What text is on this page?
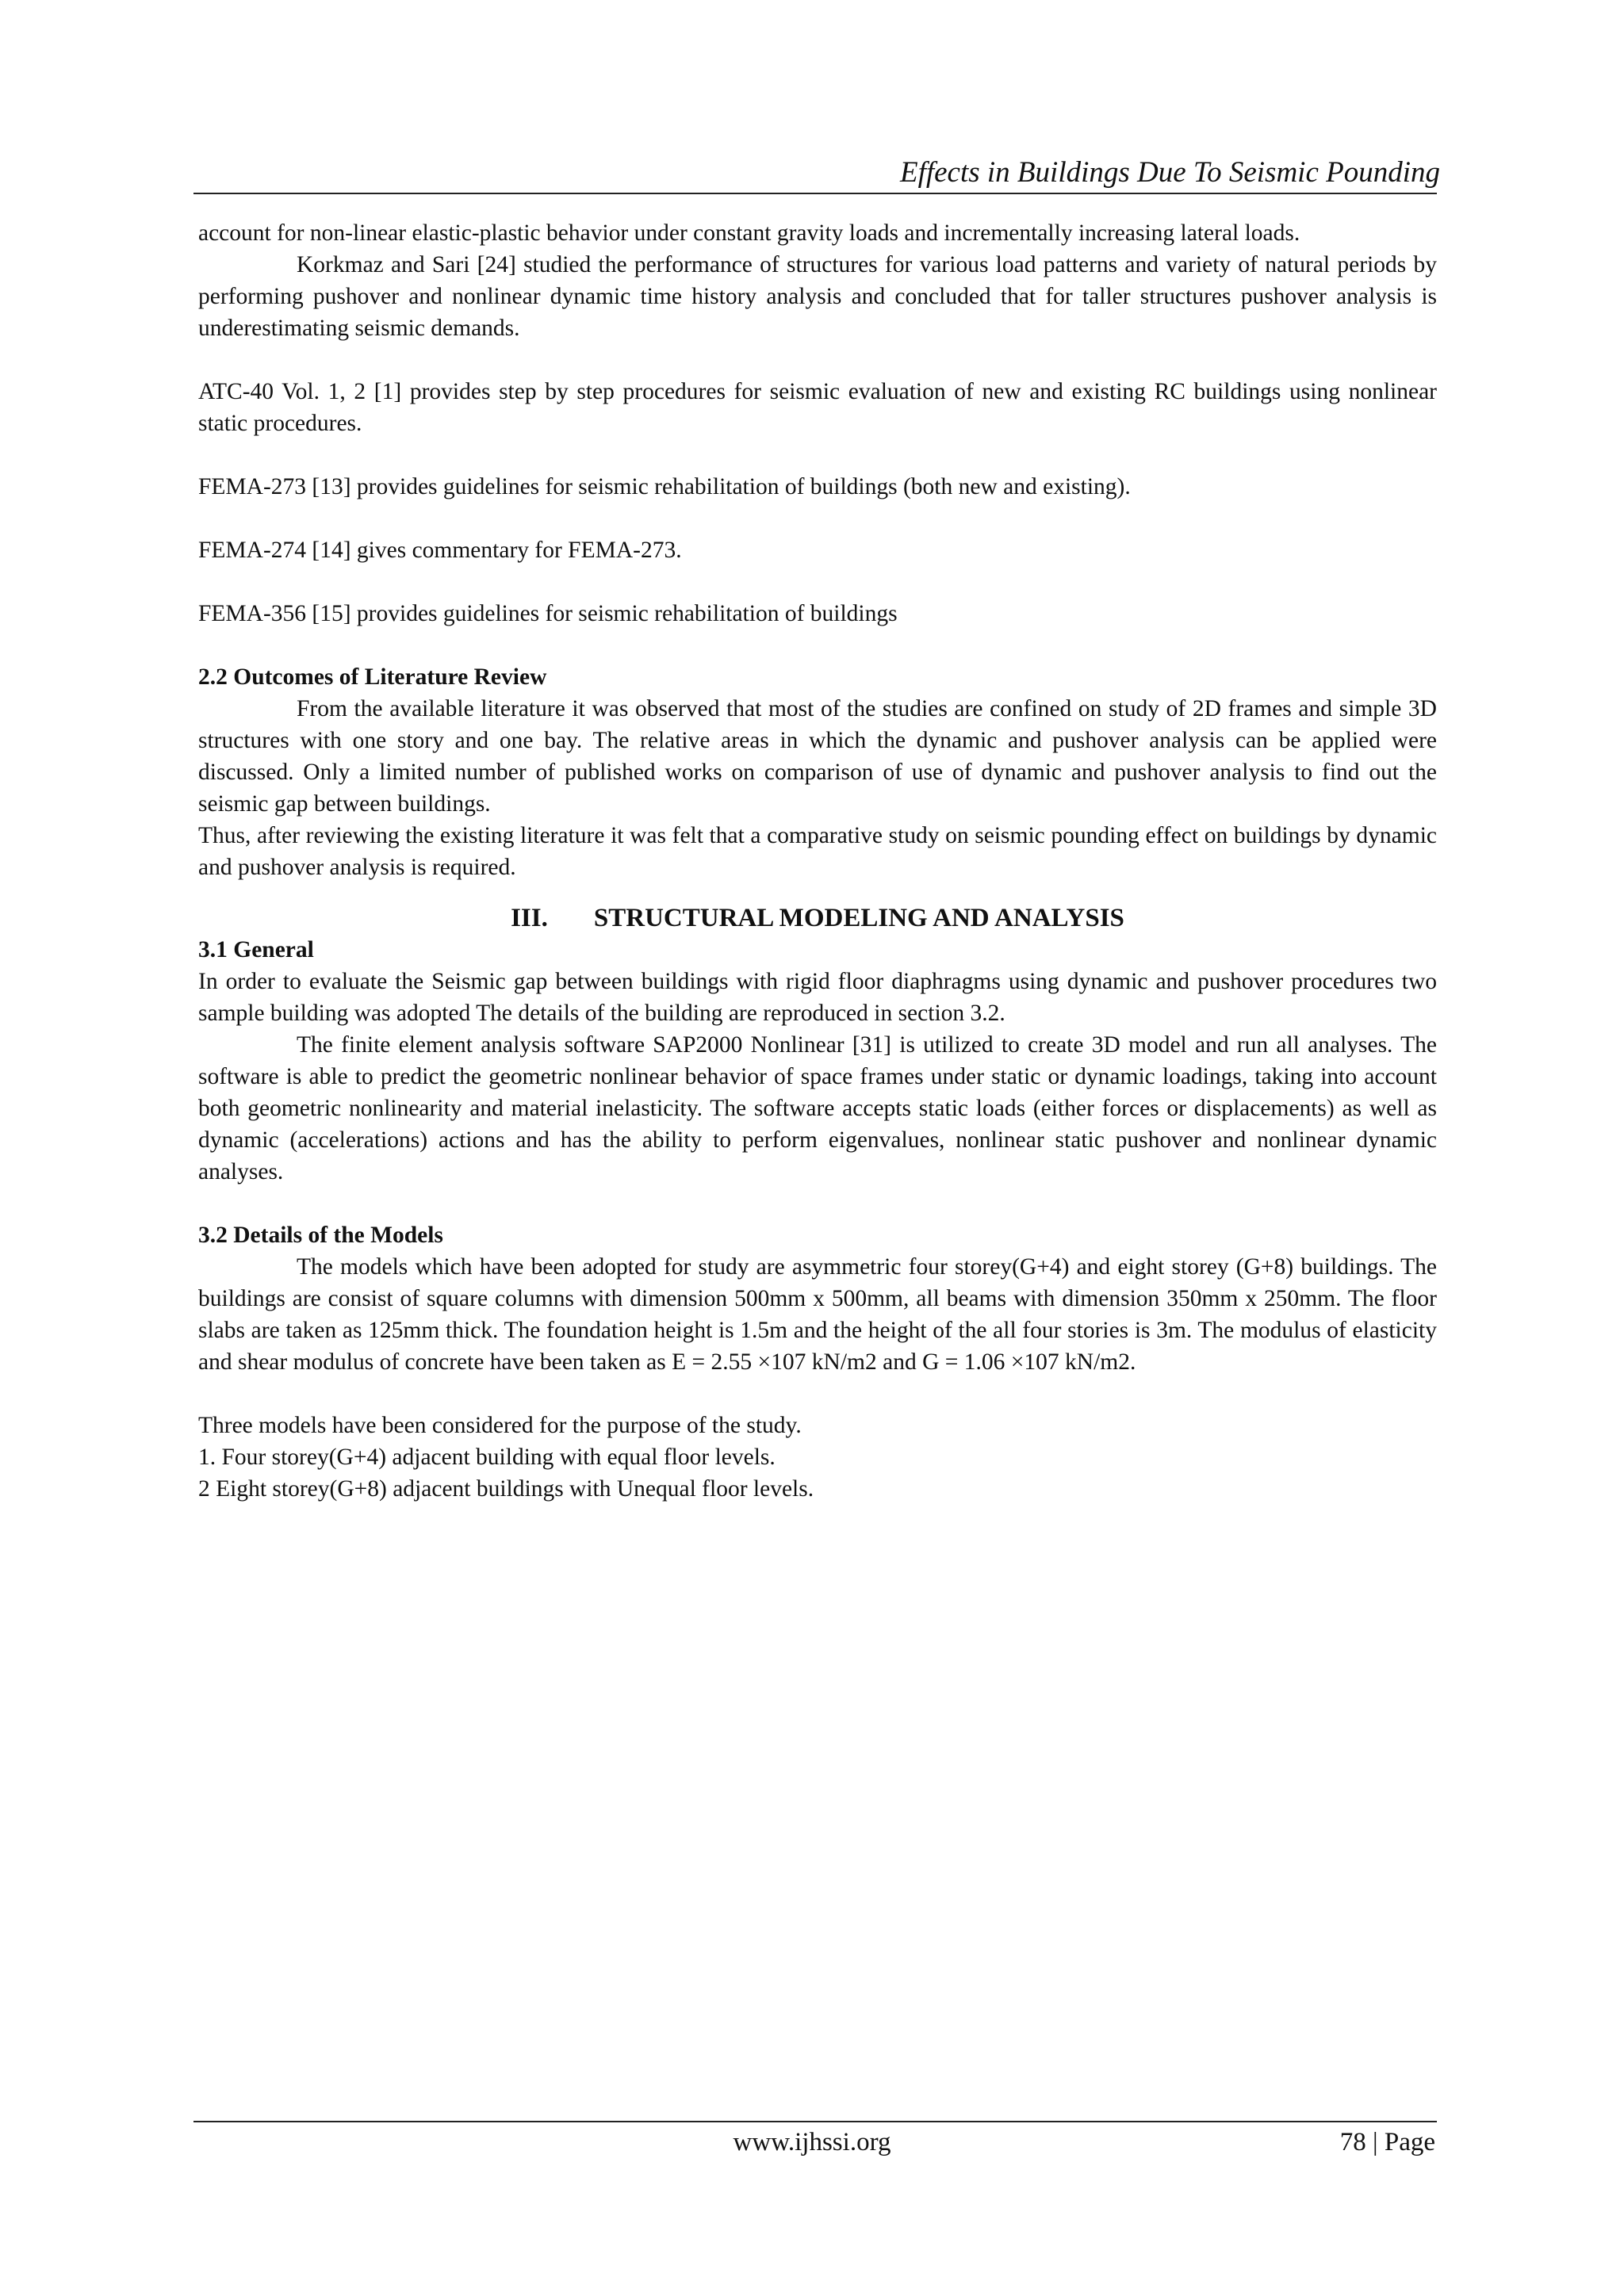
Effects in Buildings Due To Seismic Pounding

account for non-linear elastic-plastic behavior under constant gravity loads and incrementally increasing lateral loads.

Korkmaz and Sari [24] studied the performance of structures for various load patterns and variety of natural periods by performing pushover and nonlinear dynamic time history analysis and concluded that for taller structures pushover analysis is underestimating seismic demands.

ATC-40 Vol. 1, 2 [1] provides step by step procedures for seismic evaluation of new and existing RC buildings using nonlinear static procedures.

FEMA-273 [13] provides guidelines for seismic rehabilitation of buildings (both new and existing).

FEMA-274 [14] gives commentary for FEMA-273.

FEMA-356 [15] provides guidelines for seismic rehabilitation of buildings

2.2 Outcomes of Literature Review

From the available literature it was observed that most of the studies are confined on study of 2D frames and simple 3D structures with one story and one bay. The relative areas in which the dynamic and pushover analysis can be applied were discussed. Only a limited number of published works on comparison of use of dynamic and pushover analysis to find out the seismic gap between buildings.

Thus, after reviewing the existing literature it was felt that a comparative study on seismic pounding effect on buildings by dynamic and pushover analysis is required.

III. STRUCTURAL MODELING AND ANALYSIS

3.1 General

In order to evaluate the Seismic gap between buildings with rigid floor diaphragms using dynamic and pushover procedures two sample building was adopted The details of the building are reproduced in section 3.2.

The finite element analysis software SAP2000 Nonlinear [31] is utilized to create 3D model and run all analyses. The software is able to predict the geometric nonlinear behavior of space frames under static or dynamic loadings, taking into account both geometric nonlinearity and material inelasticity. The software accepts static loads (either forces or displacements) as well as dynamic (accelerations) actions and has the ability to perform eigenvalues, nonlinear static pushover and nonlinear dynamic analyses.

3.2 Details of the Models

The models which have been adopted for study are asymmetric four storey(G+4) and eight storey (G+8) buildings. The buildings are consist of square columns with dimension 500mm x 500mm, all beams with dimension 350mm x 250mm. The floor slabs are taken as 125mm thick. The foundation height is 1.5m and the height of the all four stories is 3m. The modulus of elasticity and shear modulus of concrete have been taken as E = 2.55 ×107 kN/m2 and G = 1.06 ×107 kN/m2.

Three models have been considered for the purpose of the study.

1. Four storey(G+4) adjacent building with equal floor levels.

2 Eight storey(G+8) adjacent buildings with Unequal floor levels.

www.ijhssi.org	78 | Page
